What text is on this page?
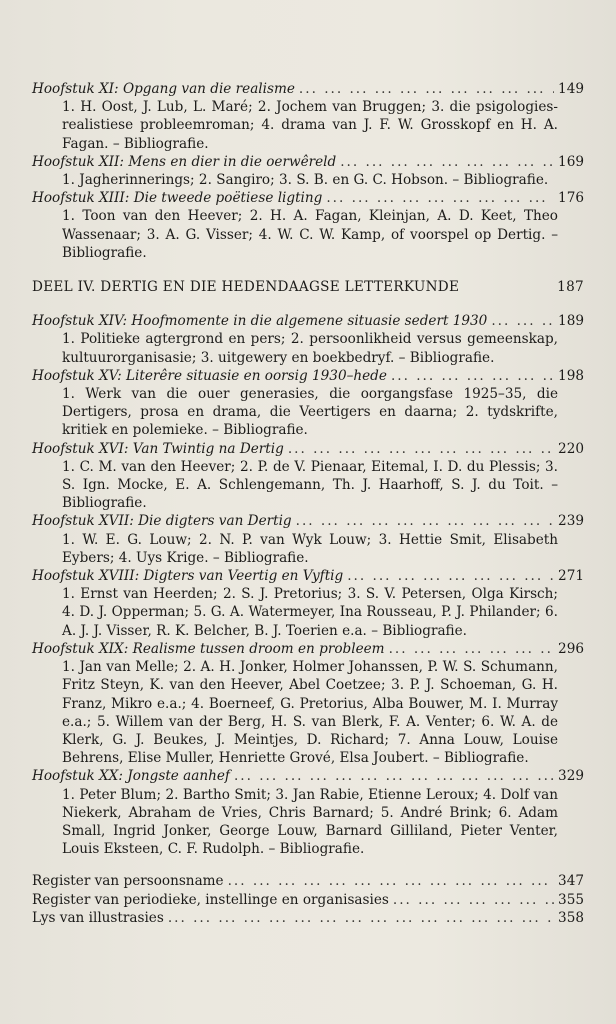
Hoofstuk XI: Opgang van die realisme ... .	149

1. H. Oost, J. Lub, L. Maré; 2. Jochem van Bruggen; 3. die psigologies-realistiese probleemroman; 4. drama van J. F. W. Grosskopf en H. A. Fagan. – Bibliografie.

Hoofstuk XII: Mens en dier in die oerwêreld ... .	169

1. Jagherinnerings; 2. Sangiro; 3. S. B. en G. C. Hobson. – Bibliografie.

Hoofstuk XIII: Die tweede poëtiese ligting ... .	176

1. Toon van den Heever; 2. H. A. Fagan, Kleinjan, A. D. Keet, Theo Wassenaar; 3. A. G. Visser; 4. W. C. W. Kamp, of voorspel op Dertig. – Bibliografie.

DEEL IV. DERTIG EN DIE HEDENDAAGSE LETTERKUNDE	187
Hoofstuk XIV: Hoofmomente in die algemene situasie sedert 1930 ... .	189

1. Politieke agtergrond en pers; 2. persoonlikheid versus gemeenskap, kultuurorganisasie; 3. uitgewery en boekbedryf. – Bibliografie.

Hoofstuk XV: Literêre situasie en oorsig 1930–hede ... .	198

1. Werk van die ouer generasies, die oorgangsfase 1925–35, die Dertigers, prosa en drama, die Veertigers en daarna; 2. tydskrifte, kritiek en polemieke. – Bibliografie.

Hoofstuk XVI: Van Twintig na Dertig ... .	220

1. C. M. van den Heever; 2. P. de V. Pienaar, Eitemal, I. D. du Plessis; 3. S. Ign. Mocke, E. A. Schlengemann, Th. J. Haarhoff, S. J. du Toit. – Bibliografie.

Hoofstuk XVII: Die digters van Dertig ... .	239

1. W. E. G. Louw; 2. N. P. van Wyk Louw; 3. Hettie Smit, Elisabeth Eybers; 4. Uys Krige. – Bibliografie.

Hoofstuk XVIII: Digters van Veertig en Vyftig ... .	271

1. Ernst van Heerden; 2. S. J. Pretorius; 3. S. V. Petersen, Olga Kirsch; 4. D. J. Opperman; 5. G. A. Watermeyer, Ina Rousseau, P. J. Philander; 6. A. J. J. Visser, R. K. Belcher, B. J. Toerien e.a. – Bibliografie.

Hoofstuk XIX: Realisme tussen droom en probleem ... .	296

1. Jan van Melle; 2. A. H. Jonker, Holmer Johanssen, P. W. S. Schumann, Fritz Steyn, K. van den Heever, Abel Coetzee; 3. P. J. Schoeman, G. H. Franz, Mikro e.a.; 4. Boerneef, G. Pretorius, Alba Bouwer, M. I. Murray e.a.; 5. Willem van der Berg, H. S. van Blerk, F. A. Venter; 6. W. A. de Klerk, G. J. Beukes, J. Meintjes, D. Richard; 7. Anna Louw, Louise Behrens, Elise Muller, Henriette Grové, Elsa Joubert. – Bibliografie.

Hoofstuk XX: Jongste aanhef ... .	329

1. Peter Blum; 2. Bartho Smit; 3. Jan Rabie, Etienne Leroux; 4. Dolf van Niekerk, Abraham de Vries, Chris Barnard; 5. André Brink; 6. Adam Small, Ingrid Jonker, George Louw, Barnard Gilliland, Pieter Venter, Louis Eksteen, C. F. Rudolph. – Bibliografie.

Register van persoonsname ... .	347
Register van periodieke, instellinge en organisasies ... .	355
Lys van illustrasies ... .	358
